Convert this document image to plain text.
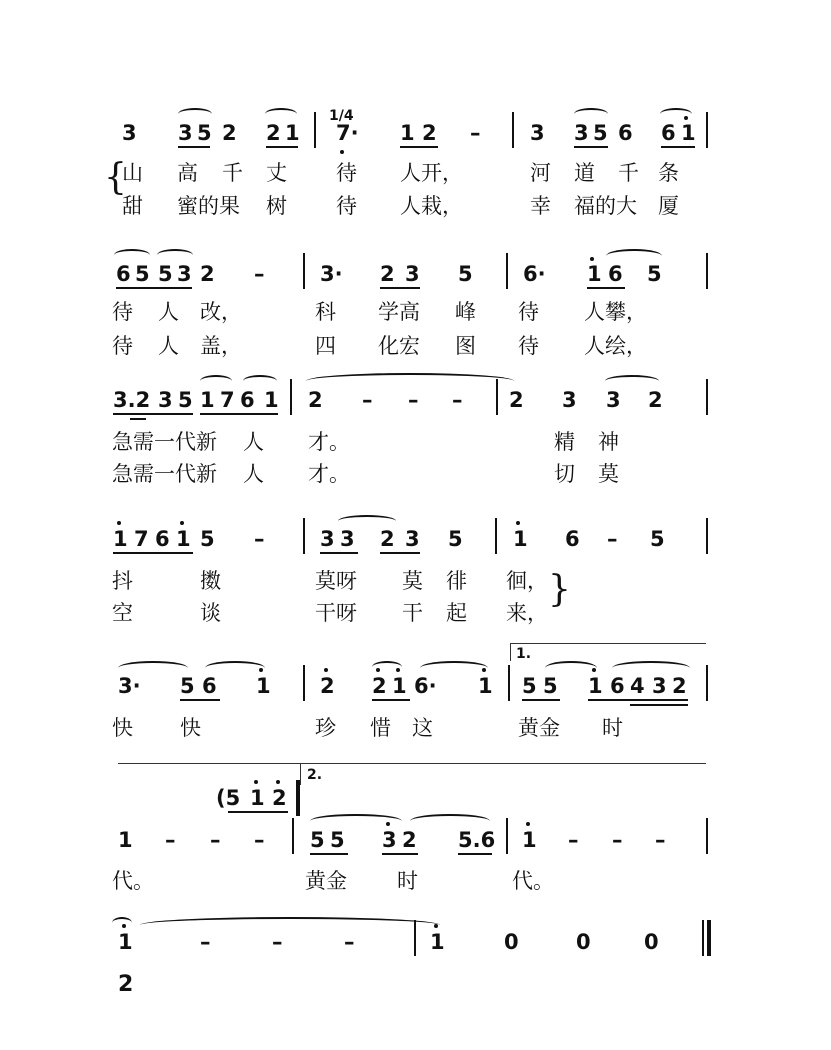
3 3 5 2 2 1
1/4
7· 1 2 – 3 3 5 6 6 1
{
山 高 千 丈 待 人开，	河 道 千 条
甜 蜜的果 树 待 人栽，	幸 福的大 厦
6 5 5 3 2 –	3· 2 3 5 6· 1 6 5
待 人 改，	科 学高 峰 待 人攀，
待 人 盖，	四 化宏 图 待 人绘，
3.2 3 5 1 7 6 1 2 – – – 2 3 3 2
急需一代新 人 才。	精 神
急需一代新 人 才。	切 莫
1 7 6 1 5 –	3 3 2 3 5 1 6 – 5
抖	擞	莫呀 莫 徘 徊， }
空	谈	干呀 干 起 来，
1.
3· 5 6 1 2 2 1 6· 1 5 5 1 6 4 3 2
快 快	珍 惜 这	黄金 时
2.
(5 1 2
1 – – – 5 5 3 2 5.6 1 – – –
代。	黄金 时	代。
1	–	–	–	1	0	0	0
2
